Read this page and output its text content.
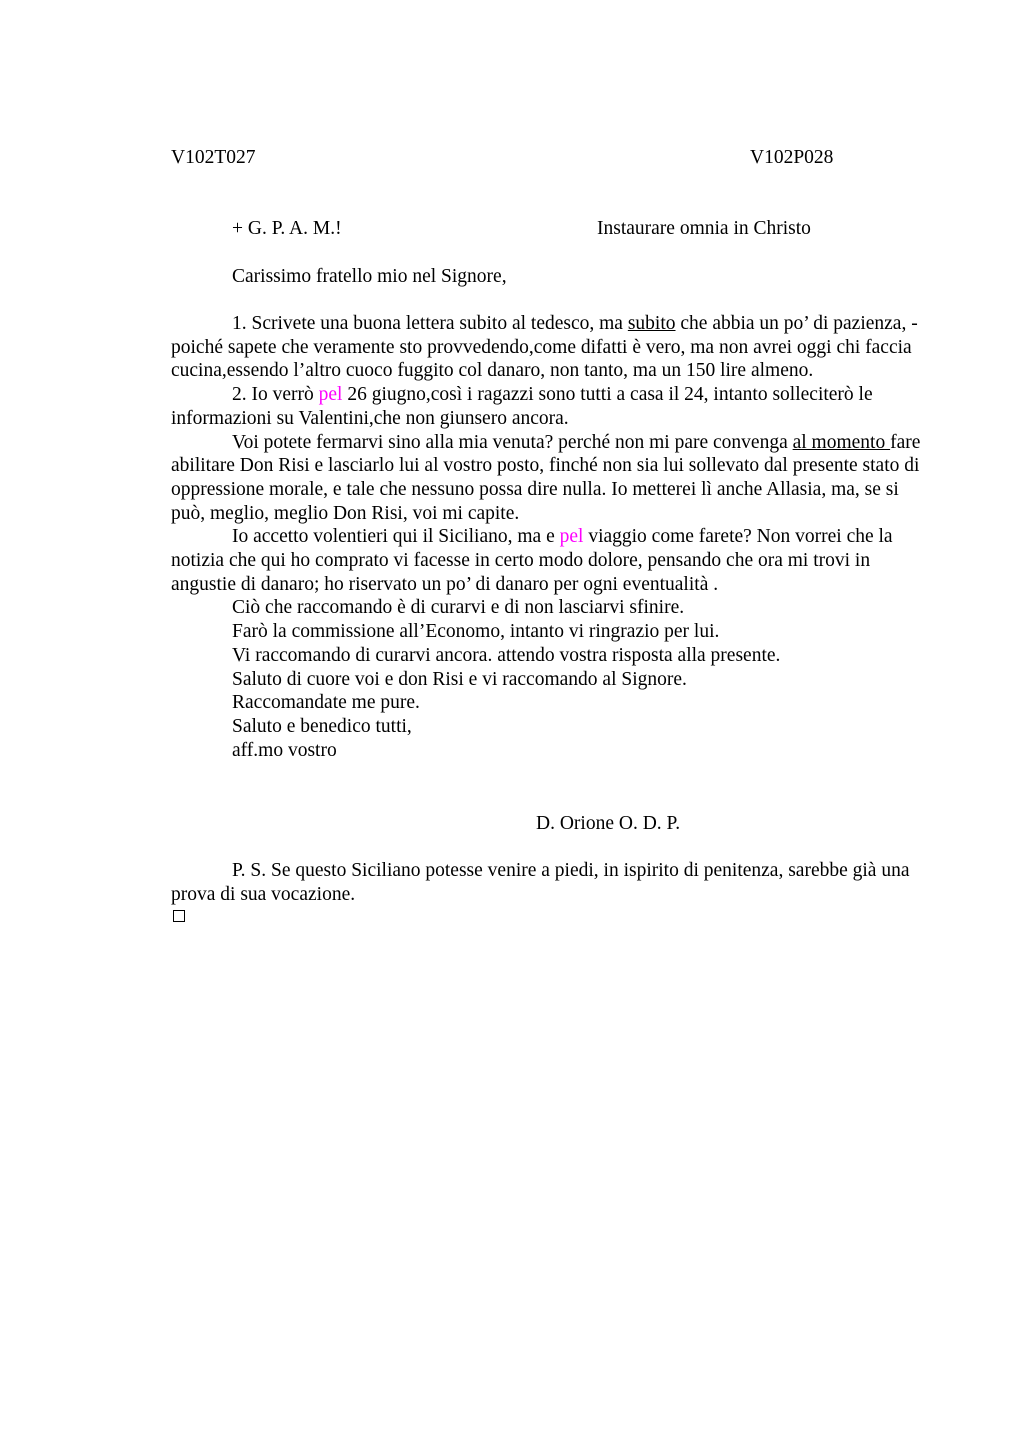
V102T027	V102P028
+ G. P. A. M.!	Instaurare omnia in Christo
Carissimo fratello mio nel Signore,

1. Scrivete una buona lettera subito al tedesco, ma subito che abbia un po’ di pazienza, - poiché sapete che veramente sto provvedendo,come difatti è vero, ma non avrei oggi chi faccia cucina,essendo l’altro cuoco fuggito col danaro, non tanto, ma un 150 lire almeno.

2. Io verrò pel 26 giugno,così i ragazzi sono tutti a casa il 24, intanto solleciterò le informazioni su Valentini,che non giunsero ancora.

Voi potete fermarvi sino alla mia venuta? perché non mi pare convenga al momento fare abilitare Don Risi e lasciarlo lui al vostro posto, finché non sia lui sollevato dal presente stato di oppressione morale, e tale che nessuno possa dire nulla. Io metterei lì anche Allasia, ma, se si può, meglio, meglio Don Risi, voi mi capite.

Io accetto volentieri qui il Siciliano, ma e pel viaggio come farete? Non vorrei che la notizia che qui ho comprato vi facesse in certo modo dolore, pensando che ora mi trovi in angustie di danaro; ho riservato un po’ di danaro per ogni eventualità .

Ciò che raccomando è di curarvi e di non lasciarvi sfinire.

Farò la commissione all’Economo, intanto vi ringrazio per lui.

Vi raccomando di curarvi ancora. attendo vostra risposta alla presente.

Saluto di cuore voi e don Risi e vi raccomando al Signore.

Raccomandate me pure.

Saluto e benedico tutti,

aff.mo vostro

D. Orione O. D. P.

P. S. Se questo Siciliano potesse venire a piedi, in ispirito di penitenza, sarebbe già una prova di sua vocazione.
